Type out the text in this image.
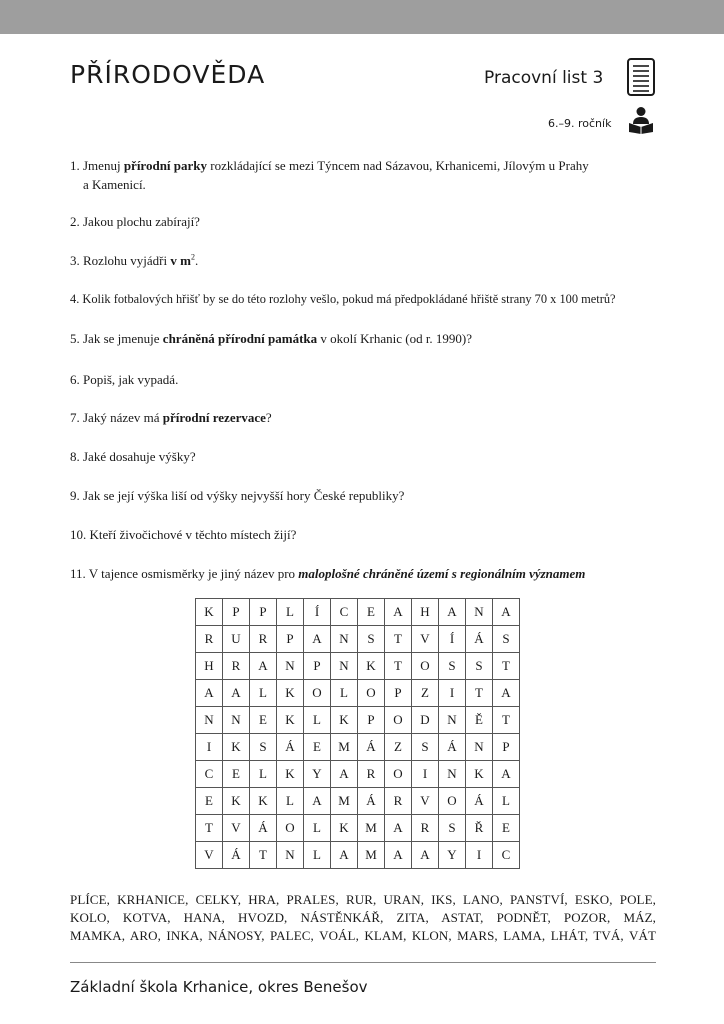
PŘÍRODOVĚDA	Pracovní list 3
6.–9. ročník

1. Jmenuj přírodní parky rozkládající se mezi Týncem nad Sázavou, Krhanicemi, Jílovým u Prahy
a Kamenicí.

2. Jakou plochu zabírají?

3. Rozlohu vyjádři v $m^2$.

4. Kolik fotbalových hřišť by se do této rozlohy vešlo, pokud má předpokládané hřiště strany 70 x 100 metrů?

5. Jak se jmenuje chráněná přírodní památka v okolí Krhanic (od r. 1990)?

6. Popiš, jak vypadá.

7. Jaký název má přírodní rezervace?

8. Jaké dosahuje výšky?

9. Jak se její výška liší od výšky nejvyšší hory České republiky?

10. Kteří živočichové v těchto místech žijí?

11. V tajence osmisměrky je jiný název pro maloplošné chráněné území s regionálním významem

K	P	P	L	Í	C	E	A	H	A	N	A
R	U	R	P	A	N	S	T	V	Í	Á	S
H	R	A	N	P	N	K	T	O	S	S	T
A	A	L	K	O	L	O	P	Z	I	T	A
N	N	E	K	L	K	P	O	D	N	Ě	T
I	K	S	Á	E	M	Á	Z	S	Á	N	P
C	E	L	K	Y	A	R	O	I	N	K	A
E	K	K	L	A	M	Á	R	V	O	Á	L
T	V	Á	O	L	K	M	A	R	S	Ř	E
V	Á	T	N	L	A	M	A	A	Y	I	C
PLÍCE, KRHANICE, CELKY, HRA, PRALES, RUR, URAN, IKS, LANO, PANSTVÍ, ESKO, POLE,
KOLO, KOTVA, HANA, HVOZD, NÁSTĚNKÁŘ, ZITA, ASTAT, PODNĚT, POZOR, MÁZ,
MAMKA, ARO, INKA, NÁNOSY, PALEC, VOÁL, KLAM, KLON, MARS, LAMA, LHÁT, TVÁ, VÁT
Základní škola Krhanice, okres Benešov
